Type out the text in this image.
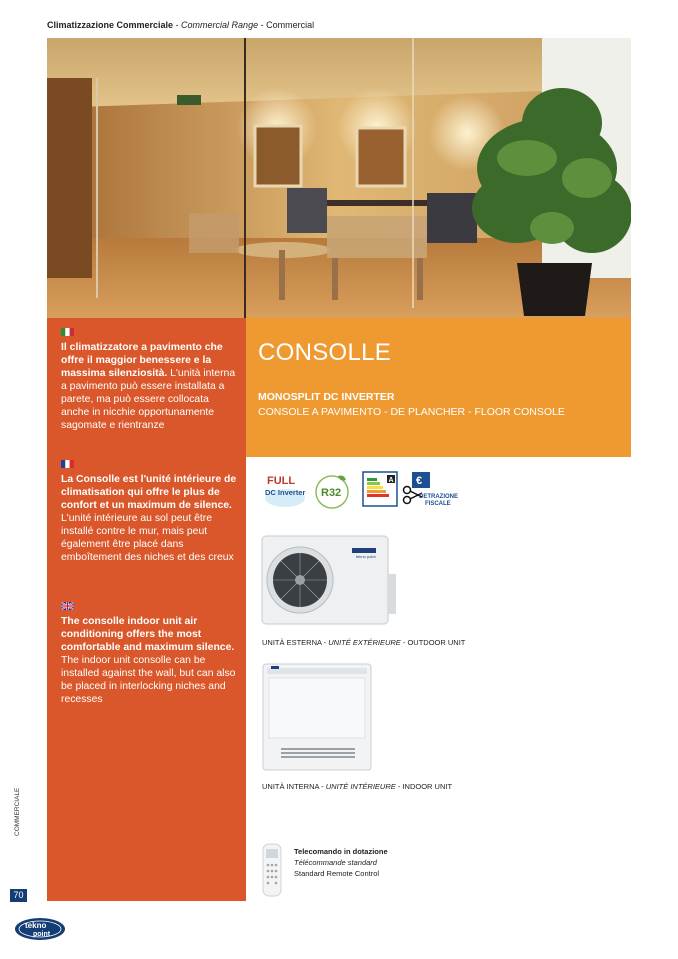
Climatizzazione Commerciale - Commercial Range - Commercial
Il climatizzatore a pavimento che offre il maggior benessere e la massima silenziosità. L'unità interna a pavimento può essere installata a parete, ma può essere collocata anche in nicchie opportunamente sagomate e rientranze
La Consolle est l'unité intérieure de climatisation qui offre le plus de confort et un maximum de silence. L'unité intérieure au sol peut être installé contre le mur, mais peut également être placé dans emboîtement des niches et des creux
The consolle indoor unit air conditioning offers the most comfortable and maximum silence. The indoor unit consolle can be installed against the wall, but can also be placed in interlocking niches and recesses
CONSOLLE
MONOSPLIT DC INVERTER
CONSOLE A PAVIMENTO - DE PLANCHER - FLOOR CONSOLE
FULL
DC Inverter R32
A €
DETRAZIONE
FISCALE
tekno point
UNITÀ ESTERNA - UNITÉ EXTÉRIEURE - OUTDOOR UNIT
UNITÀ INTERNA - UNITÉ INTÉRIEURE - INDOOR UNIT
Telecomando in dotazione
Télécommande standard
Standard Remote Control
COMMERCIALE
70
tekno
point
